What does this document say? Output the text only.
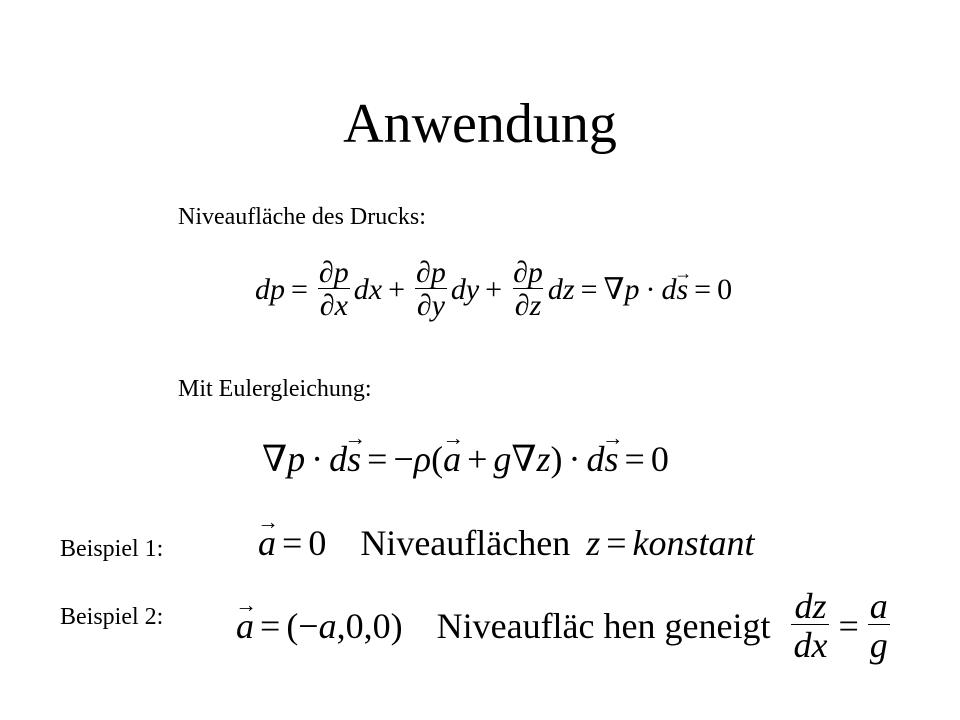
Anwendung
Niveaufläche des Drucks:
dp = $\frac{\partial p}{\partial x}$ dx + $\frac{\partial p}{\partial y}$ dy + $\frac{\partial p}{\partial z}$ dz = ∇p · d→ s = 0
Mit Eulergleichung:
∇p · d→ s = −ρ( → a + g∇z) · d→ s = 0
Beispiel 1:	→ a = 0 Niveauflächen z = konstant
Beispiel 2: → a = (−a,0,0) Niveaufläc hen geneigt $\frac{dz}{dx} = \frac{a}{g}$
